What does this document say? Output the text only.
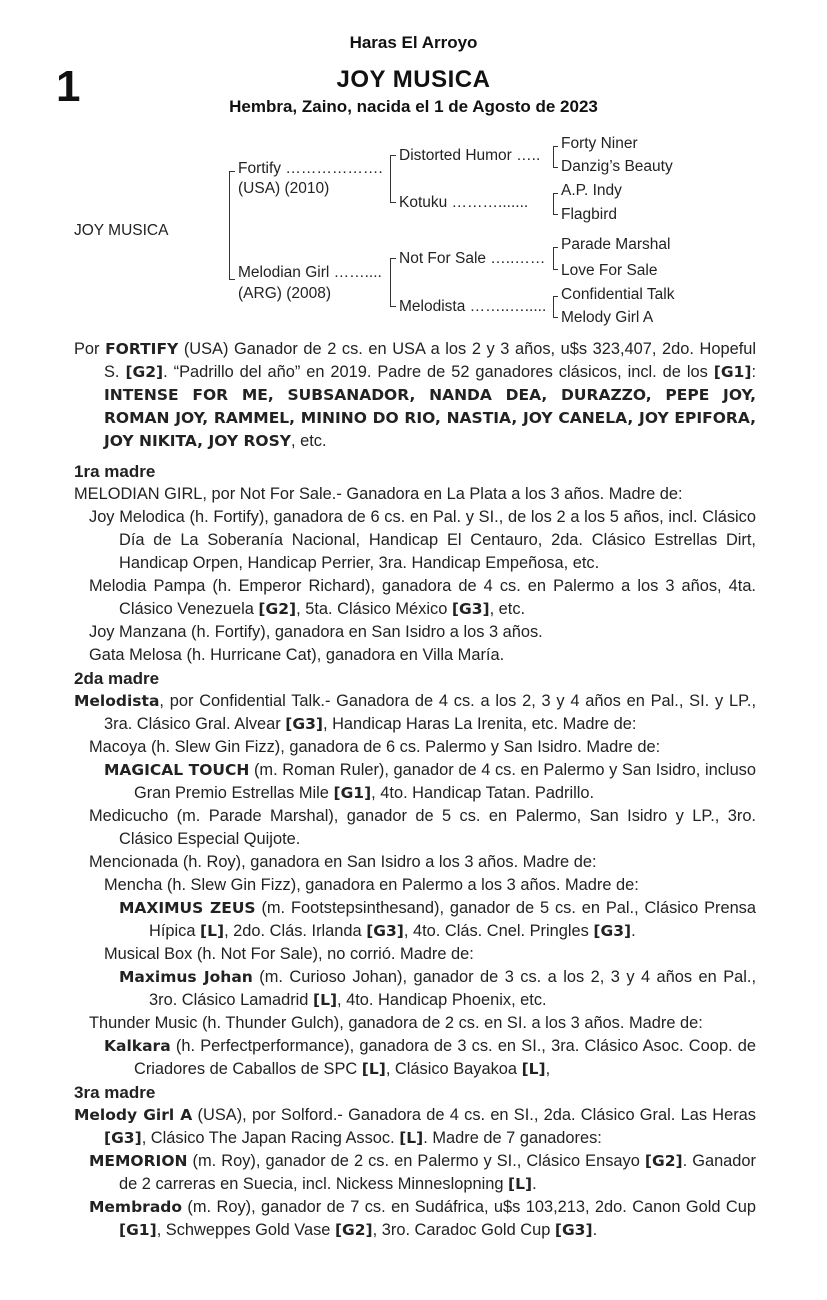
Haras El Arroyo
1	JOY MUSICA
Hembra, Zaino, nacida el 1 de Agosto de 2023
JOY MUSICA
Fortify ……………….
(USA) (2010)
Melodian Girl ……....
(ARG) (2008)
Distorted Humor …..
Kotuku ……….......
Not For Sale …..……
Melodista ……..….....
Forty Niner
Danzig’s Beauty
A.P. Indy
Flagbird
Parade Marshal
Love For Sale
Confidential Talk
Melody Girl A
Por FORTIFY (USA) Ganador de 2 cs. en USA a los 2 y 3 años, u$s 323,407, 2do. Hopeful S. [G2]. “Padrillo del año” en 2019. Padre de 52 ganadores clásicos, incl. de los [G1]: INTENSE FOR ME, SUBSANADOR, NANDA DEA, DURAZZO, PEPE JOY, ROMAN JOY, RAMMEL, MININO DO RIO, NASTIA, JOY CANELA, JOY EPIFORA, JOY NIKITA, JOY ROSY, etc.
1ra madre
MELODIAN GIRL, por Not For Sale.- Ganadora en La Plata a los 3 años. Madre de:
Joy Melodica (h. Fortify), ganadora de 6 cs. en Pal. y SI., de los 2 a los 5 años, incl. Clásico Día de La Soberanía Nacional, Handicap El Centauro, 2da. Clásico Estrellas Dirt, Handicap Orpen, Handicap Perrier, 3ra. Handicap Empeñosa, etc.
Melodia Pampa (h. Emperor Richard), ganadora de 4 cs. en Palermo a los 3 años, 4ta. Clásico Venezuela [G2], 5ta. Clásico México [G3], etc.
Joy Manzana (h. Fortify), ganadora en San Isidro a los 3 años.
Gata Melosa (h. Hurricane Cat), ganadora en Villa María.
2da madre
Melodista, por Confidential Talk.- Ganadora de 4 cs. a los 2, 3 y 4 años en Pal., SI. y LP., 3ra. Clásico Gral. Alvear [G3], Handicap Haras La Irenita, etc. Madre de:
Macoya (h. Slew Gin Fizz), ganadora de 6 cs. Palermo y San Isidro. Madre de:
MAGICAL TOUCH (m. Roman Ruler), ganador de 4 cs. en Palermo y San Isidro, incluso Gran Premio Estrellas Mile [G1], 4to. Handicap Tatan. Padrillo.
Medicucho (m. Parade Marshal), ganador de 5 cs. en Palermo, San Isidro y LP., 3ro. Clásico Especial Quijote.
Mencionada (h. Roy), ganadora en San Isidro a los 3 años. Madre de:
Mencha (h. Slew Gin Fizz), ganadora en Palermo a los 3 años. Madre de:
MAXIMUS ZEUS (m. Footstepsinthesand), ganador de 5 cs. en Pal., Clásico Prensa Hípica [L], 2do. Clás. Irlanda [G3], 4to. Clás. Cnel. Pringles [G3].
Musical Box (h. Not For Sale), no corrió. Madre de:
Maximus Johan (m. Curioso Johan), ganador de 3 cs. a los 2, 3 y 4 años en Pal., 3ro. Clásico Lamadrid [L], 4to. Handicap Phoenix, etc.
Thunder Music (h. Thunder Gulch), ganadora de 2 cs. en SI. a los 3 años. Madre de:
Kalkara (h. Perfectperformance), ganadora de 3 cs. en SI., 3ra. Clásico Asoc. Coop. de Criadores de Caballos de SPC [L], Clásico Bayakoa [L],
3ra madre
Melody Girl A (USA), por Solford.- Ganadora de 4 cs. en SI., 2da. Clásico Gral. Las Heras [G3], Clásico The Japan Racing Assoc. [L]. Madre de 7 ganadores:
MEMORION (m. Roy), ganador de 2 cs. en Palermo y SI., Clásico Ensayo [G2]. Ganador de 2 carreras en Suecia, incl. Nickess Minneslopning [L].
Membrado (m. Roy), ganador de 7 cs. en Sudáfrica, u$s 103,213, 2do. Canon Gold Cup [G1], Schweppes Gold Vase [G2], 3ro. Caradoc Gold Cup [G3].
